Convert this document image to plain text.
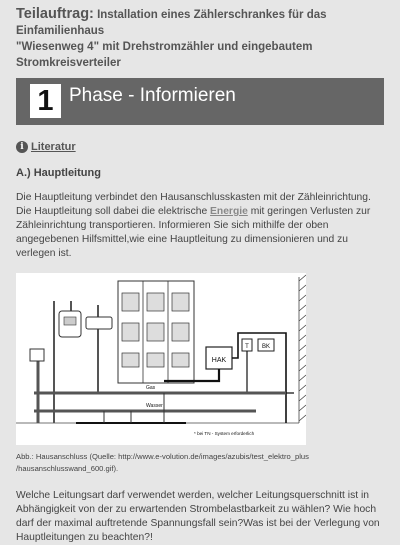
Teilauftrag: Installation eines Zählerschrankes für das Einfamilienhaus
"Wiesenweg 4" mit Drehstromzähler und eingebautem Stromkreisverteiler
1 Phase - Informieren
i Literatur
A.) Hauptleitung
Die Hauptleitung verbindet den Hausanschlusskasten mit der Zähleinrichtung. Die Hauptleitung soll dabei die elektrische Energie mit geringen Verlusten zur Zähleinrichtung transportieren. Informieren Sie sich mithilfe der oben angegebenen Hilfsmittel,wie eine Hauptleitung zu dimensionieren und zu verlegen ist.
HAK
T BK
Gas
Wasser
* bei TN - System erforderlich
Abb.: Hausanschluss (Quelle: http://www.e-volution.de/images/azubis/test_elektro_plus
/hausanschlusswand_600.gif).
Welche Leitungsart darf verwendet werden, welcher Leitungsquerschnitt ist in Abhängigkeit von der zu erwartenden Strombelastbarkeit zu wählen? Wie hoch darf der maximal auftretende Spannungsfall sein?Was ist bei der Verlegung von Hauptleitungen zu beachten?!
